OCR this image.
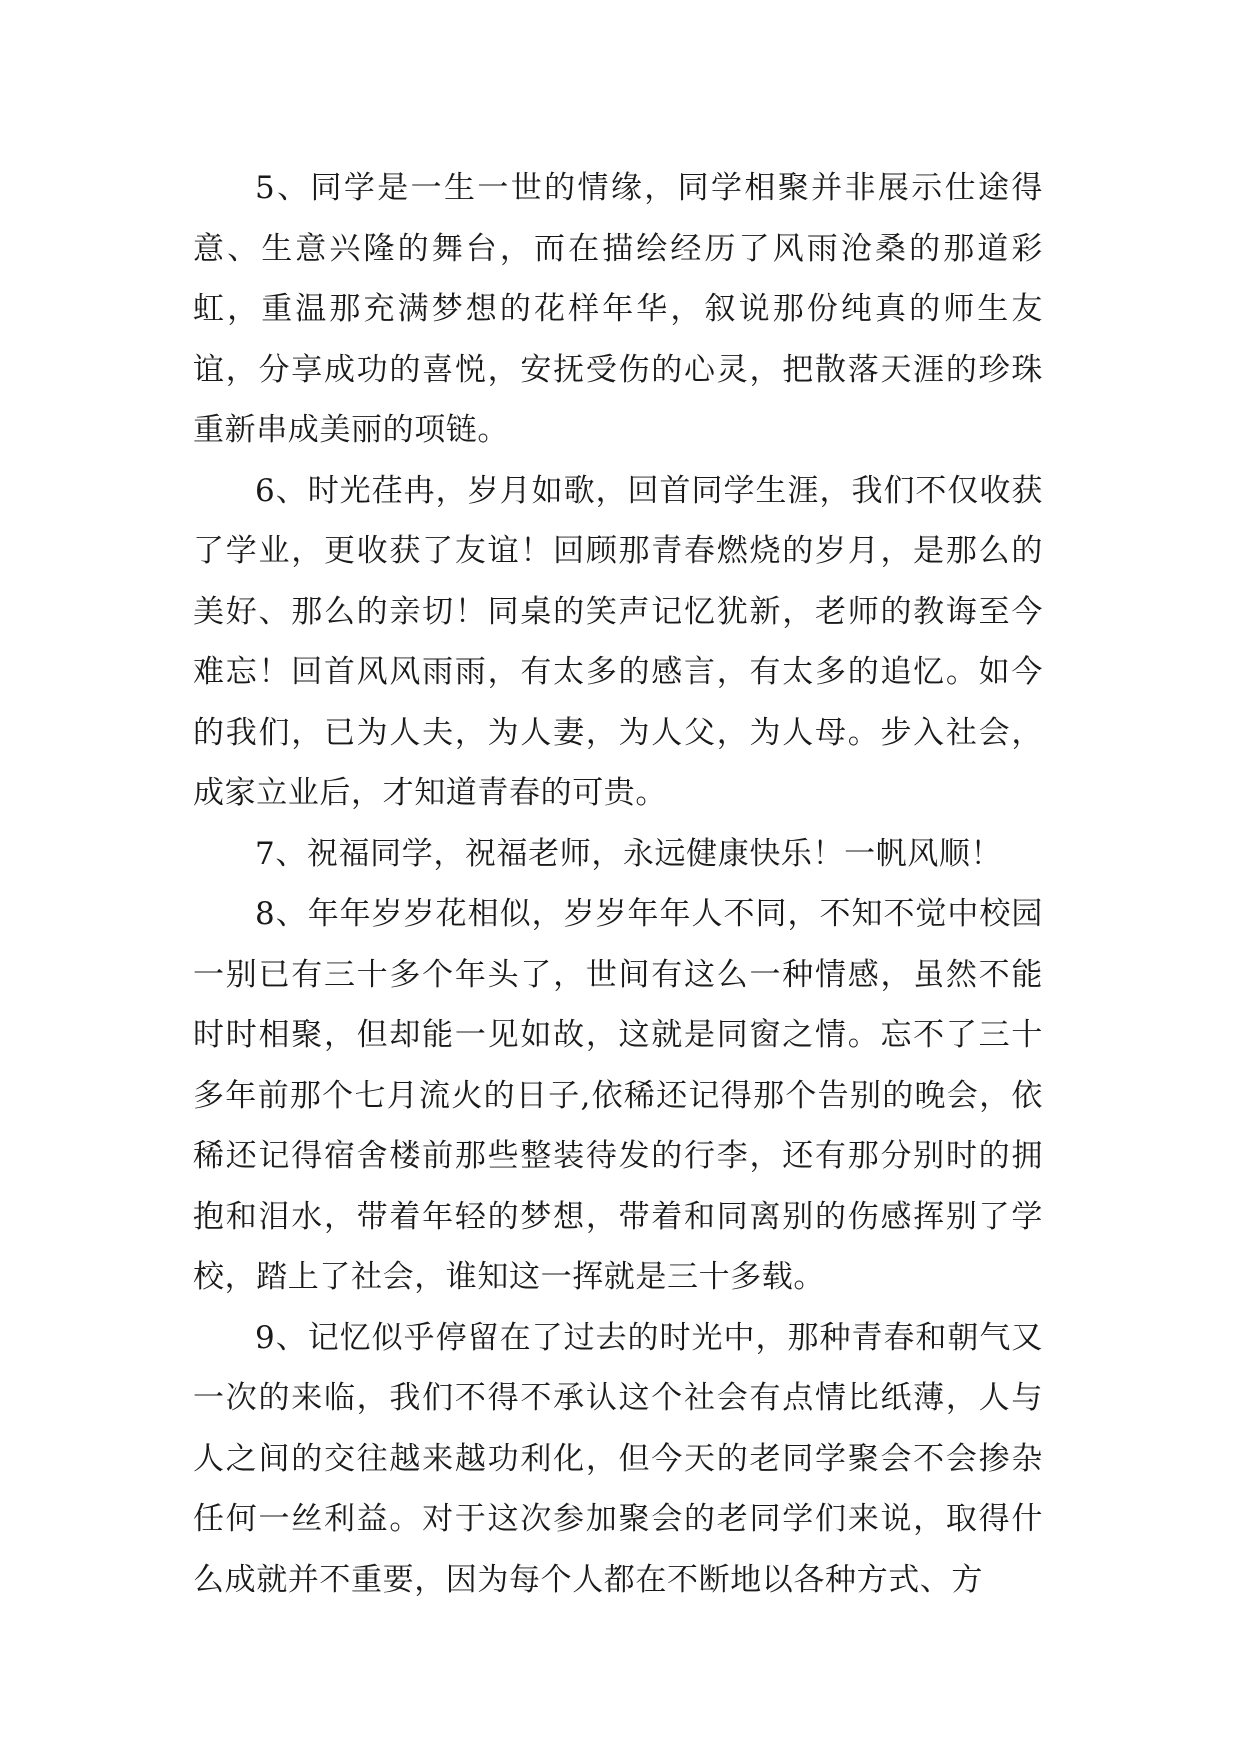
5、同学是一生一世的情缘，同学相聚并非展示仕途得意、生意兴隆的舞台，而在描绘经历了风雨沧桑的那道彩虹，重温那充满梦想的花样年华，叙说那份纯真的师生友谊，分享成功的喜悦，安抚受伤的心灵，把散落天涯的珍珠重新串成美丽的项链。

6、时光荏冉，岁月如歌，回首同学生涯，我们不仅收获了学业，更收获了友谊！回顾那青春燃烧的岁月，是那么的美好、那么的亲切！同桌的笑声记忆犹新，老师的教诲至今难忘！回首风风雨雨，有太多的感言，有太多的追忆。如今的我们，已为人夫，为人妻，为人父，为人母。步入社会，成家立业后，才知道青春的可贵。

7、祝福同学，祝福老师，永远健康快乐！一帆风顺！

8、年年岁岁花相似，岁岁年年人不同，不知不觉中校园一别已有三十多个年头了，世间有这么一种情感，虽然不能时时相聚，但却能一见如故，这就是同窗之情。忘不了三十多年前那个七月流火的日子,依稀还记得那个告别的晚会，依稀还记得宿舍楼前那些整装待发的行李，还有那分别时的拥抱和泪水，带着年轻的梦想，带着和同离别的伤感挥别了学校，踏上了社会，谁知这一挥就是三十多载。

9、记忆似乎停留在了过去的时光中，那种青春和朝气又一次的来临，我们不得不承认这个社会有点情比纸薄，人与人之间的交往越来越功利化，但今天的老同学聚会不会掺杂任何一丝利益。对于这次参加聚会的老同学们来说，取得什么成就并不重要，因为每个人都在不断地以各种方式、方
